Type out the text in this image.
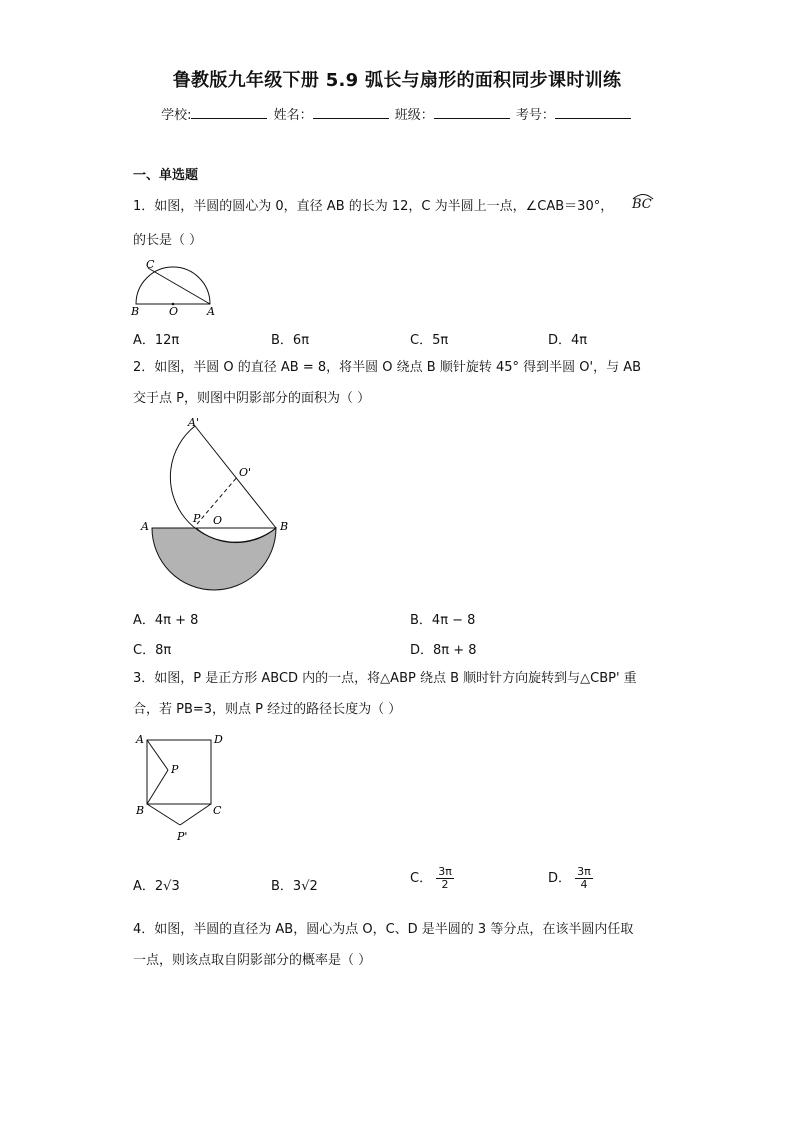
鲁教版九年级下册 5.9 弧长与扇形的面积同步课时训练
学校:	姓名：	班级：	考号：
一、单选题
1．如图，半圆的圆心为 0，直径 AB 的长为 12，C 为半圆上一点，∠CAB＝30°， BC
的长是（ ）
C
B	O	A
A．12π	B．6π	C．5π	D．4π
2．如图，半圆 O 的直径 AB = 8，将半圆 O 绕点 B 顺针旋转 45° 得到半圆 O'，与 AB
交于点 P，则图中阴影部分的面积为（ ）
A'
O'
A
P O	B
A．4π + 8	B．4π − 8
C．8π	D．8π + 8
3．如图，P 是正方形 ABCD 内的一点，将△ABP 绕点 B 顺时针方向旋转到与△CBP' 重
合，若 PB=3，则点 P 经过的路径长度为（ ）
A	D
P
B	C
P'
A．2√3	B．3√2
C． $\frac{3\pi}{2}$	D． $\frac{3\pi}{4}$
4．如图，半圆的直径为 AB，圆心为点 O，C、D 是半圆的 3 等分点，在该半圆内任取
一点，则该点取自阴影部分的概率是（ ）
